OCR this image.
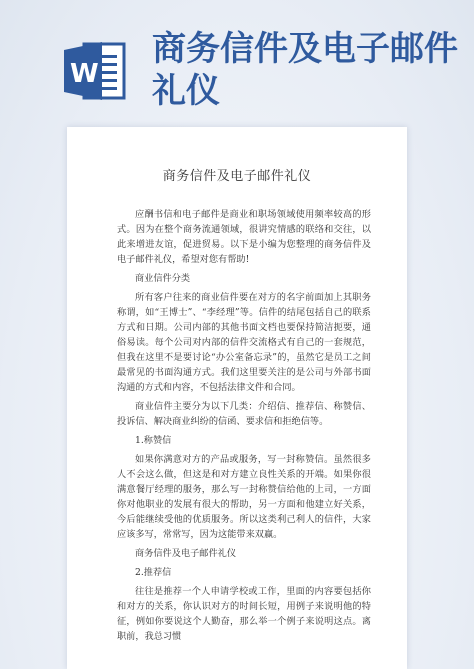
W
商务信件及电子邮件礼仪
商务信件及电子邮件礼仪

应酬书信和电子邮件是商业和职场领域使用频率较高的形式。因为在整个商务流通领域，很讲究情感的联络和交往，以此来增进友谊，促进贸易。以下是小编为您整理的商务信件及电子邮件礼仪，希望对您有帮助!

商业信件分类

所有客户往来的商业信件要在对方的名字前面加上其职务称谓，如“王博士”、“李经理”等。信件的结尾包括自己的联系方式和日期。公司内部的其他书面文档也要保持简洁扼要，通俗易读。每个公司对内部的信件交流格式有自己的一套规范，但我在这里不是要讨论“办公室备忘录”的，虽然它是员工之间最常见的书面沟通方式。我们这里要关注的是公司与外部书面沟通的方式和内容，不包括法律文件和合同。

商业信件主要分为以下几类：介绍信、推荐信、称赞信、投诉信、解决商业纠纷的信函、要求信和拒绝信等。

1.称赞信

如果你满意对方的产品或服务，写一封称赞信。虽然很多人不会这么做，但这是和对方建立良性关系的开端。如果你很满意餐厅经理的服务，那么写一封称赞信给他的上司，一方面你对他职业的发展有很大的帮助，另一方面和他建立好关系，今后能继续受他的优质服务。所以这类利己利人的信件，大家应该多写，常常写，因为这能带来双赢。

商务信件及电子邮件礼仪

2.推荐信

往往是推荐一个人申请学校或工作，里面的内容要包括你和对方的关系，你认识对方的时间长短，用例子来说明他的特征，例如你要说这个人勤奋，那么举一个例子来说明这点。离职前，我总习惯
